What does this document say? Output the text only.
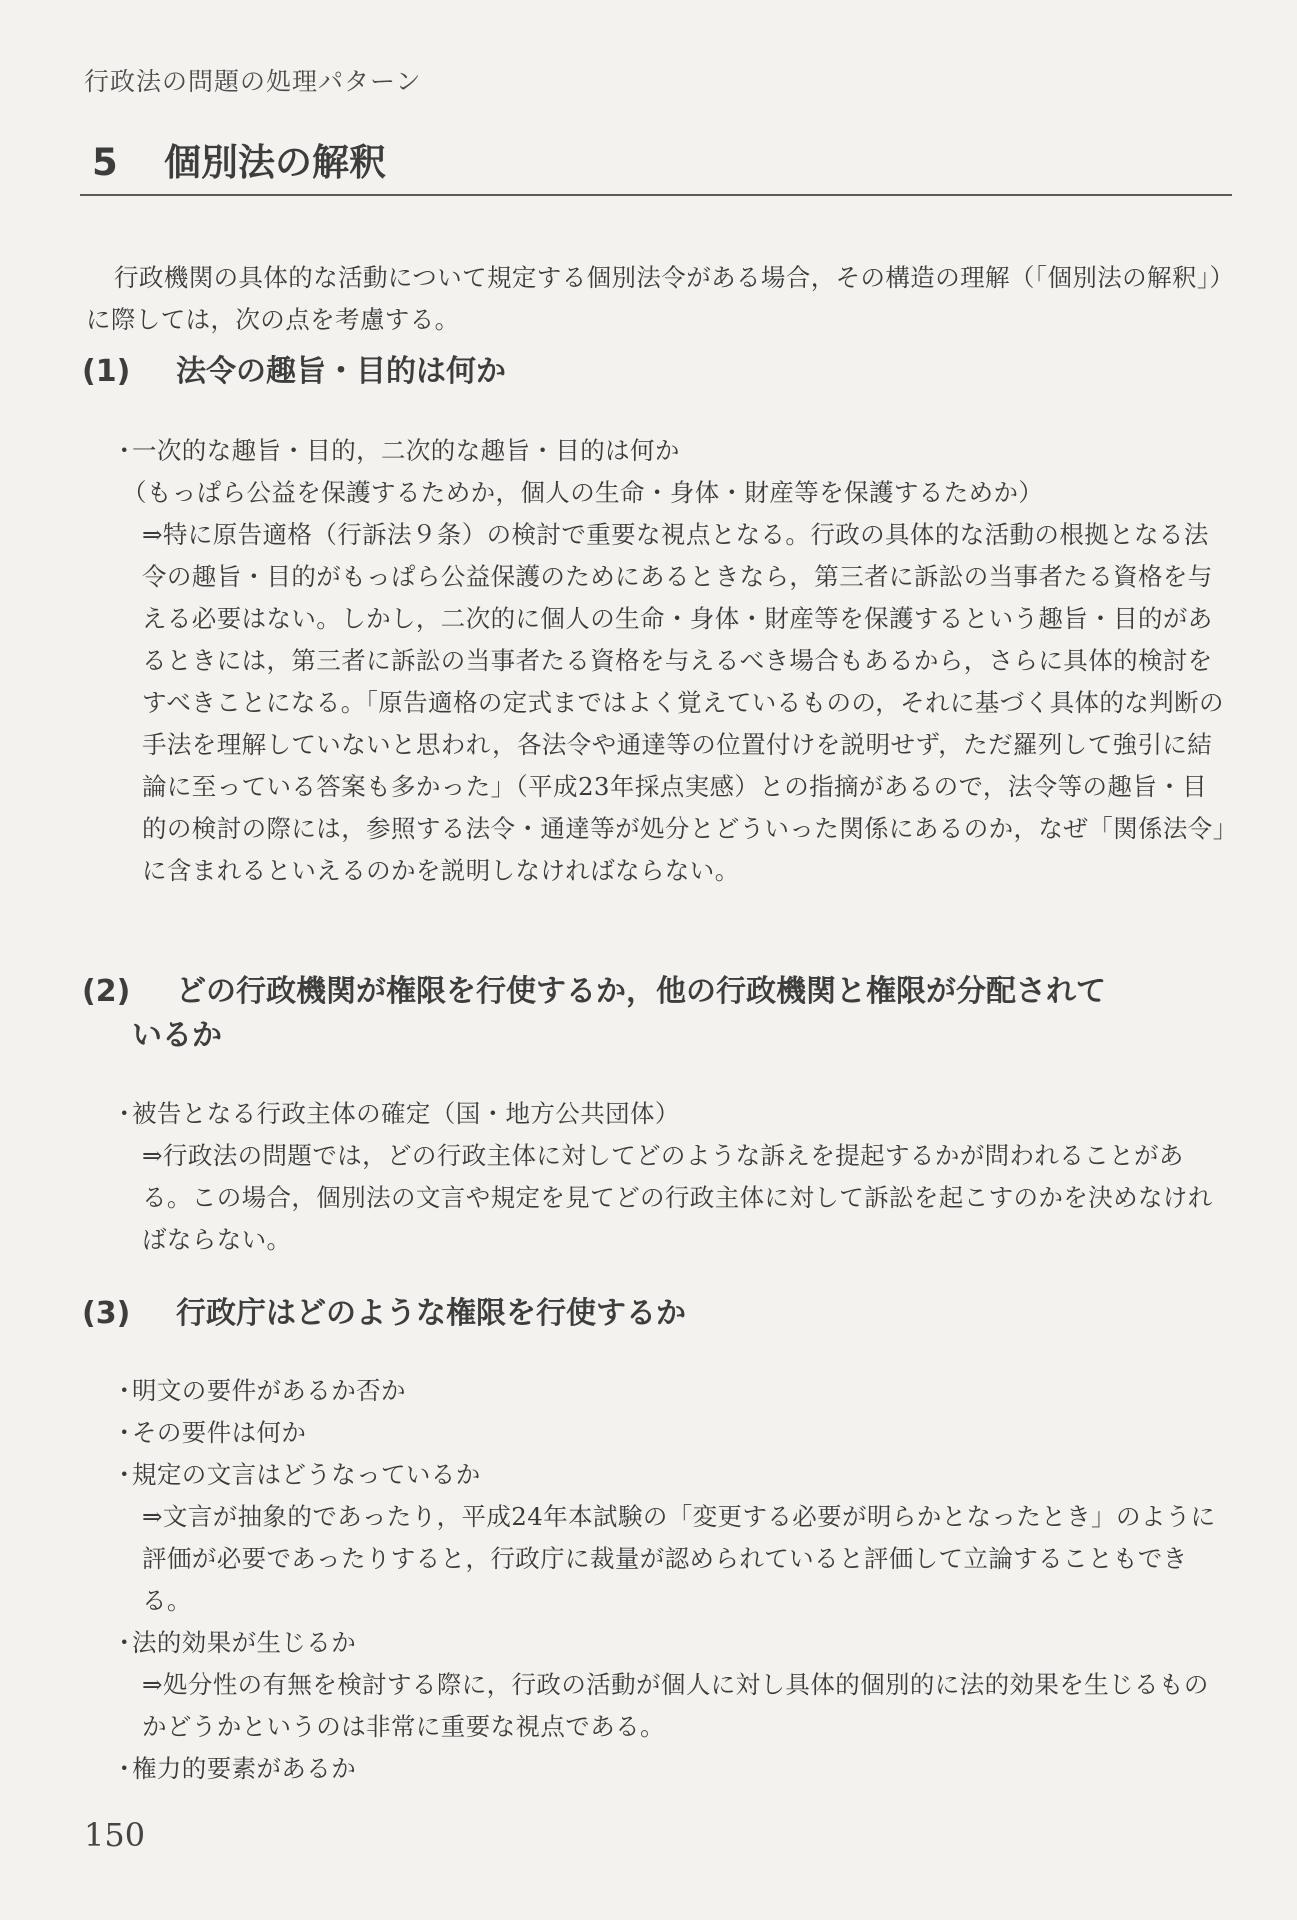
行政法の問題の処理パターン
5 個別法の解釈

行政機関の具体的な活動について規定する個別法令がある場合，その構造の理解（「個別法の解釈」）に際しては，次の点を考慮する。

(1) 法令の趣旨・目的は何か
・一次的な趣旨・目的，二次的な趣旨・目的は何か

（もっぱら公益を保護するためか，個人の生命・身体・財産等を保護するためか）

⇒特に原告適格（行訴法９条）の検討で重要な視点となる。行政の具体的な活動の根拠となる法令の趣旨・目的がもっぱら公益保護のためにあるときなら，第三者に訴訟の当事者たる資格を与える必要はない。しかし，二次的に個人の生命・身体・財産等を保護するという趣旨・目的があるときには，第三者に訴訟の当事者たる資格を与えるべき場合もあるから，さらに具体的検討をすべきことになる。「原告適格の定式まではよく覚えているものの，それに基づく具体的な判断の手法を理解していないと思われ，各法令や通達等の位置付けを説明せず，ただ羅列して強引に結論に至っている答案も多かった」（平成23年採点実感）との指摘があるので，法令等の趣旨・目的の検討の際には，参照する法令・通達等が処分とどういった関係にあるのか，なぜ「関係法令」に含まれるといえるのかを説明しなければならない。

(2) どの行政機関が権限を行使するか，他の行政機関と権限が分配されて
いるか
・被告となる行政主体の確定（国・地方公共団体）

⇒行政法の問題では，どの行政主体に対してどのような訴えを提起するかが問われることがある。この場合，個別法の文言や規定を見てどの行政主体に対して訴訟を起こすのかを決めなければならない。

(3) 行政庁はどのような権限を行使するか
・明文の要件があるか否か
・その要件は何か
・規定の文言はどうなっているか

⇒文言が抽象的であったり，平成24年本試験の「変更する必要が明らかとなったとき」のように評価が必要であったりすると，行政庁に裁量が認められていると評価して立論することもできる。

・法的効果が生じるか

⇒処分性の有無を検討する際に，行政の活動が個人に対し具体的個別的に法的効果を生じるものかどうかというのは非常に重要な視点である。

・権力的要素があるか
150
